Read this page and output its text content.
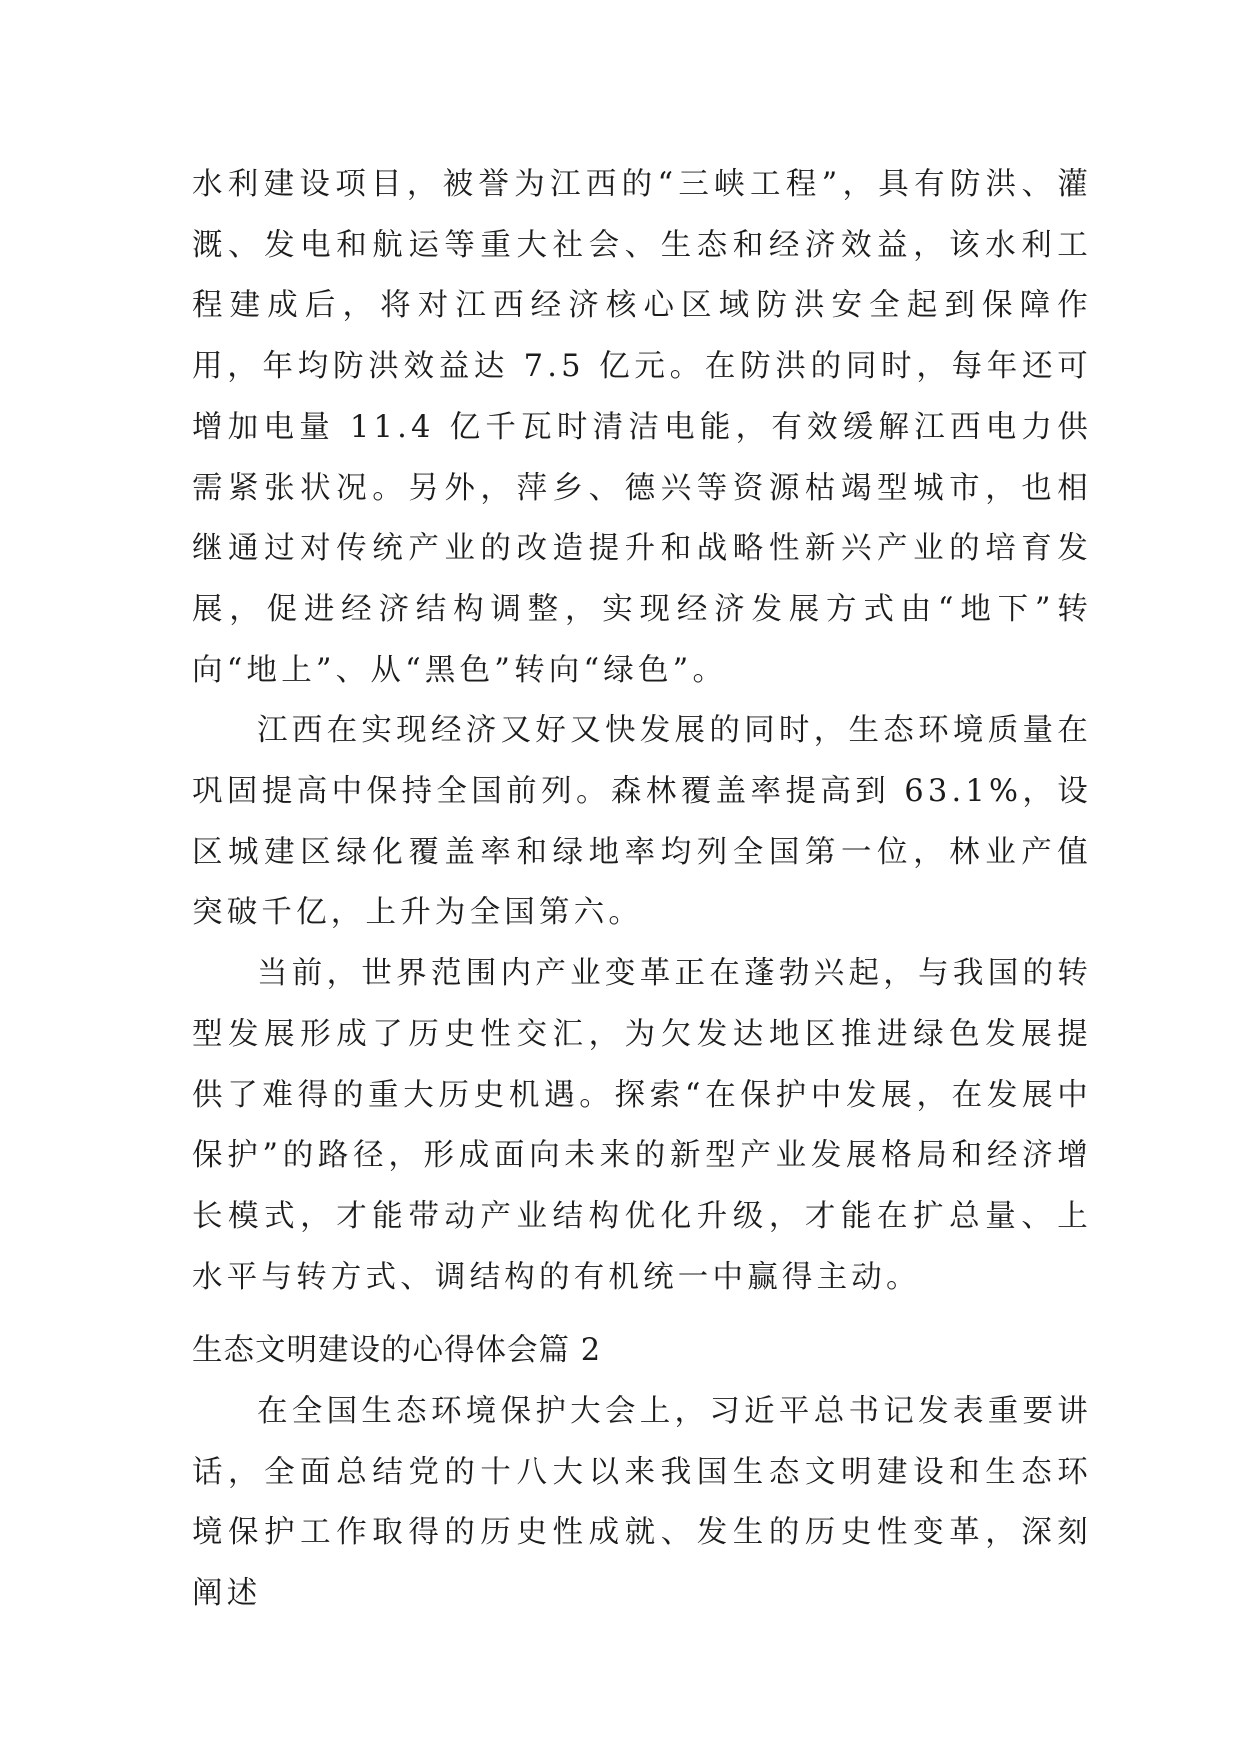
水利建设项目，被誉为江西的“三峡工程”，具有防洪、灌溉、发电和航运等重大社会、生态和经济效益，该水利工程建成后，将对江西经济核心区域防洪安全起到保障作用，年均防洪效益达 7.5 亿元。在防洪的同时，每年还可增加电量 11.4 亿千瓦时清洁电能，有效缓解江西电力供需紧张状况。另外，萍乡、德兴等资源枯竭型城市，也相继通过对传统产业的改造提升和战略性新兴产业的培育发展，促进经济结构调整，实现经济发展方式由“地下”转向“地上”、从“黑色”转向“绿色”。

江西在实现经济又好又快发展的同时，生态环境质量在巩固提高中保持全国前列。森林覆盖率提高到 63.1%，设区城建区绿化覆盖率和绿地率均列全国第一位，林业产值突破千亿，上升为全国第六。

当前，世界范围内产业变革正在蓬勃兴起，与我国的转型发展形成了历史性交汇，为欠发达地区推进绿色发展提供了难得的重大历史机遇。探索“在保护中发展，在发展中保护”的路径，形成面向未来的新型产业发展格局和经济增长模式，才能带动产业结构优化升级，才能在扩总量、上水平与转方式、调结构的有机统一中赢得主动。

生态文明建设的心得体会篇 2

在全国生态环境保护大会上，习近平总书记发表重要讲话，全面总结党的十八大以来我国生态文明建设和生态环境保护工作取得的历史性成就、发生的历史性变革，深刻阐述
